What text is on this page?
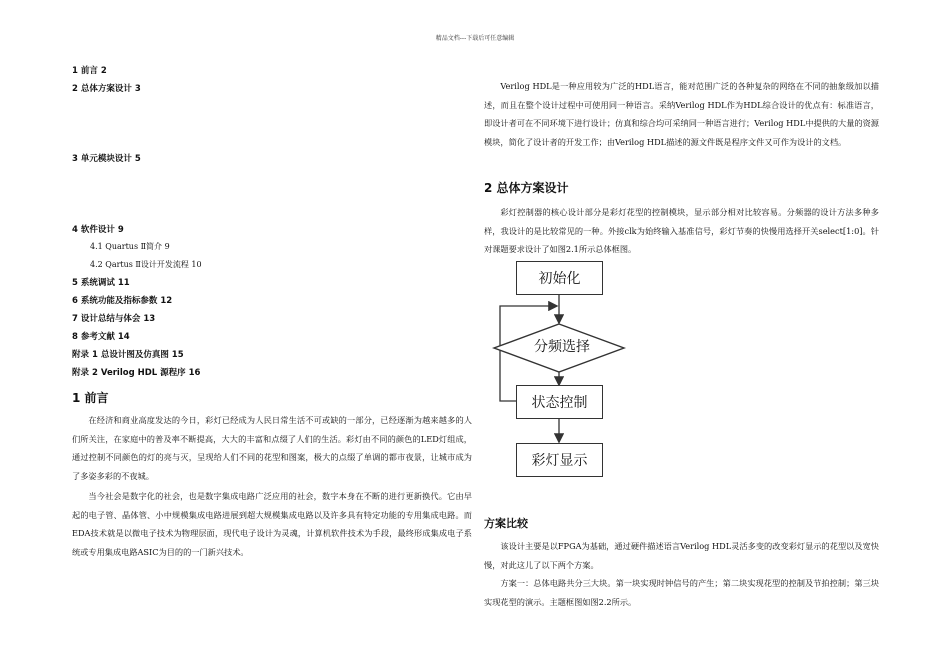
精品文档---下载后可任意编辑
1 前言 2
2 总体方案设计 3
3 单元模块设计 5
4 软件设计 9
4.1 Quartus Ⅱ简介 9
4.2 Qartus Ⅱ设计开发流程 10
5 系统调试 11
6 系统功能及指标参数 12
7 设计总结与体会 13
8 参考文献 14
附录 1 总设计图及仿真图 15
附录 2 Verilog HDL 源程序 16
1 前言
在经济和商业高度发达的今日，彩灯已经成为人民日常生活不可或缺的一部分，已经逐渐为越来越多的人们所关注，在家庭中的普及率不断提高，大大的丰富和点缀了人们的生活。彩灯由不同的颜色的LED灯组成，通过控制不同颜色的灯的亮与灭，呈现给人们不同的花型和图案，极大的点缀了单调的都市夜景，让城市成为了多姿多彩的不夜城。
当今社会是数字化的社会，也是数字集成电路广泛应用的社会，数字本身在不断的进行更新换代。它由早起的电子管、晶体管、小中规模集成电路进展到超大规模集成电路以及许多具有特定功能的专用集成电路。而EDA技术就是以微电子技术为物理层面，现代电子设计为灵魂，计算机软件技术为手段，最终形成集成电子系统或专用集成电路ASIC为目的的一门新兴技术。
Verilog HDL是一种应用较为广泛的HDL语言，能对范围广泛的各种复杂的网络在不同的抽象级加以描述，而且在整个设计过程中可使用同一种语言。采纳Verilog HDL作为HDL综合设计的优点有：标准语言，即设计者可在不同环境下进行设计；仿真和综合均可采纳同一种语言进行；Verilog HDL中提供的大量的资源模块，简化了设计者的开发工作；由Verilog HDL描述的源文件既是程序文件又可作为设计的文档。
2 总体方案设计
彩灯控制器的核心设计部分是彩灯花型的控制模块，显示部分相对比较容易。分频器的设计方法多种多样，我设计的是比较常见的一种。外接clk为始终输入基准信号，彩灯节奏的快慢用选择开关select[1:0]。针对课题要求设计了如图2.1所示总体框图。
初始化
分频选择
状态控制
彩灯显示
方案比较
该设计主要是以FPGA为基础，通过硬件描述语言Verilog HDL灵活多变的改变彩灯显示的花型以及宽快慢，对此这儿了以下两个方案。
方案一：总体电路共分三大块。第一块实现时钟信号的产生；第二块实现花型的控制及节拍控制；第三块实现花型的演示。主题框图如图2.2所示。
